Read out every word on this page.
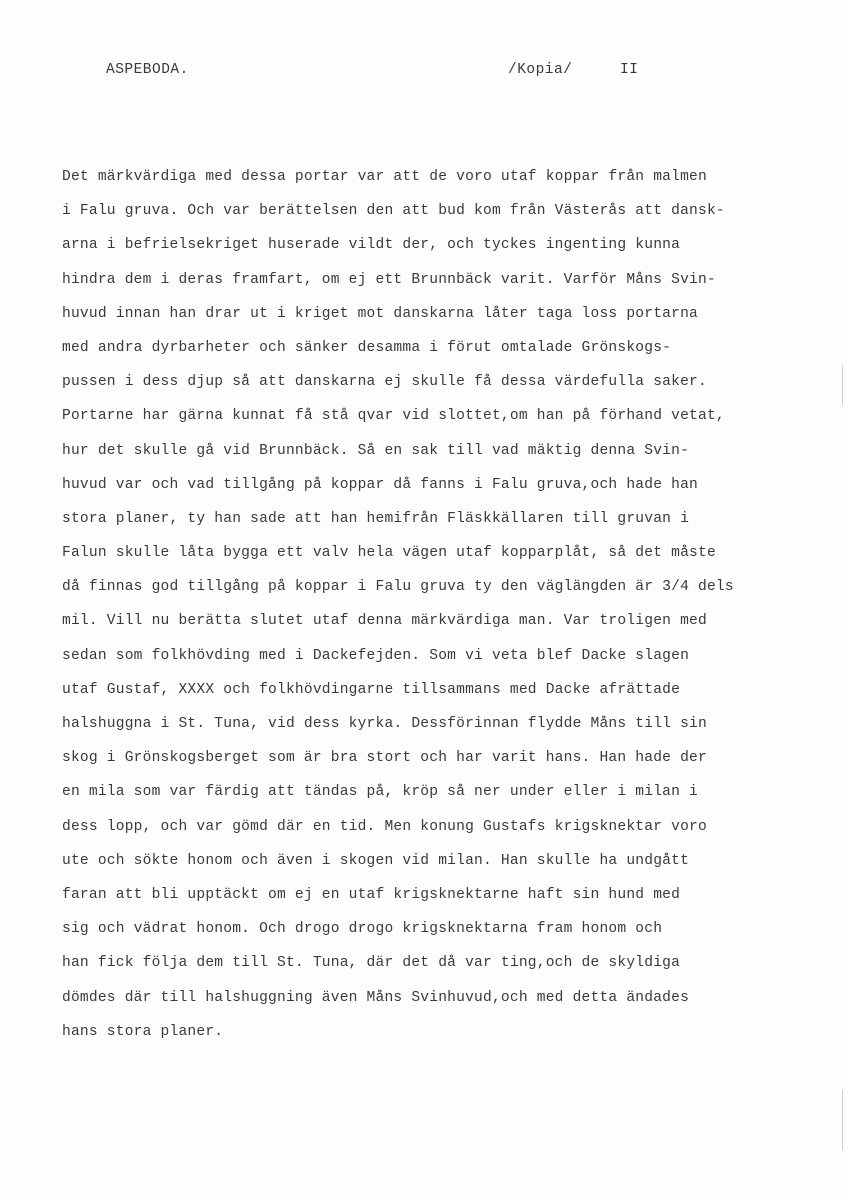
ASPEBODA.	/Kopia/	II
Det märkvärdiga med dessa portar var att de voro utaf koppar från malmen
i Falu gruva. Och var berättelsen den att bud kom från Västerås att dansk-
arna i befrielsekriget huserade vildt der, och tyckes ingenting kunna
hindra dem i deras framfart, om ej ett Brunnbäck varit. Varför Måns Svin-
huvud innan han drar ut i kriget mot danskarna låter taga loss portarna
med andra dyrbarheter och sänker desamma i förut omtalade Grönskogs-
pussen i dess djup så att danskarna ej skulle få dessa värdefulla saker.
Portarne har gärna kunnat få stå qvar vid slottet,om han på förhand vetat,
hur det skulle gå vid Brunnbäck. Så en sak till vad mäktig denna Svin-
huvud var och vad tillgång på koppar då fanns i Falu gruva,och hade han
stora planer, ty han sade att han hemifrån Fläskkällaren till gruvan i
Falun skulle låta bygga ett valv hela vägen utaf kopparplåt, så det måste
då finnas god tillgång på koppar i Falu gruva ty den väglängden är 3/4 dels
mil. Vill nu berätta slutet utaf denna märkvärdiga man. Var troligen med
sedan som folkhövding med i Dackefejden. Som vi veta blef Dacke slagen
utaf Gustaf, XXXX och folkhövdingarne tillsammans med Dacke afrättade
halshuggna i St. Tuna, vid dess kyrka. Dessförinnan flydde Måns till sin
skog i Grönskogsberget som är bra stort och har varit hans. Han hade der
en mila som var färdig att tändas på, kröp så ner under eller i milan i
dess lopp, och var gömd där en tid. Men konung Gustafs krigsknektar voro
ute och sökte honom och även i skogen vid milan. Han skulle ha undgått
faran att bli upptäckt om ej en utaf krigsknektarne haft sin hund med
sig och vädrat honom. Och drogo drogo krigsknektarna fram honom och
han fick följa dem till St. Tuna, där det då var ting,och de skyldiga
dömdes där till halshuggning även Måns Svinhuvud,och med detta ändades
hans stora planer.
